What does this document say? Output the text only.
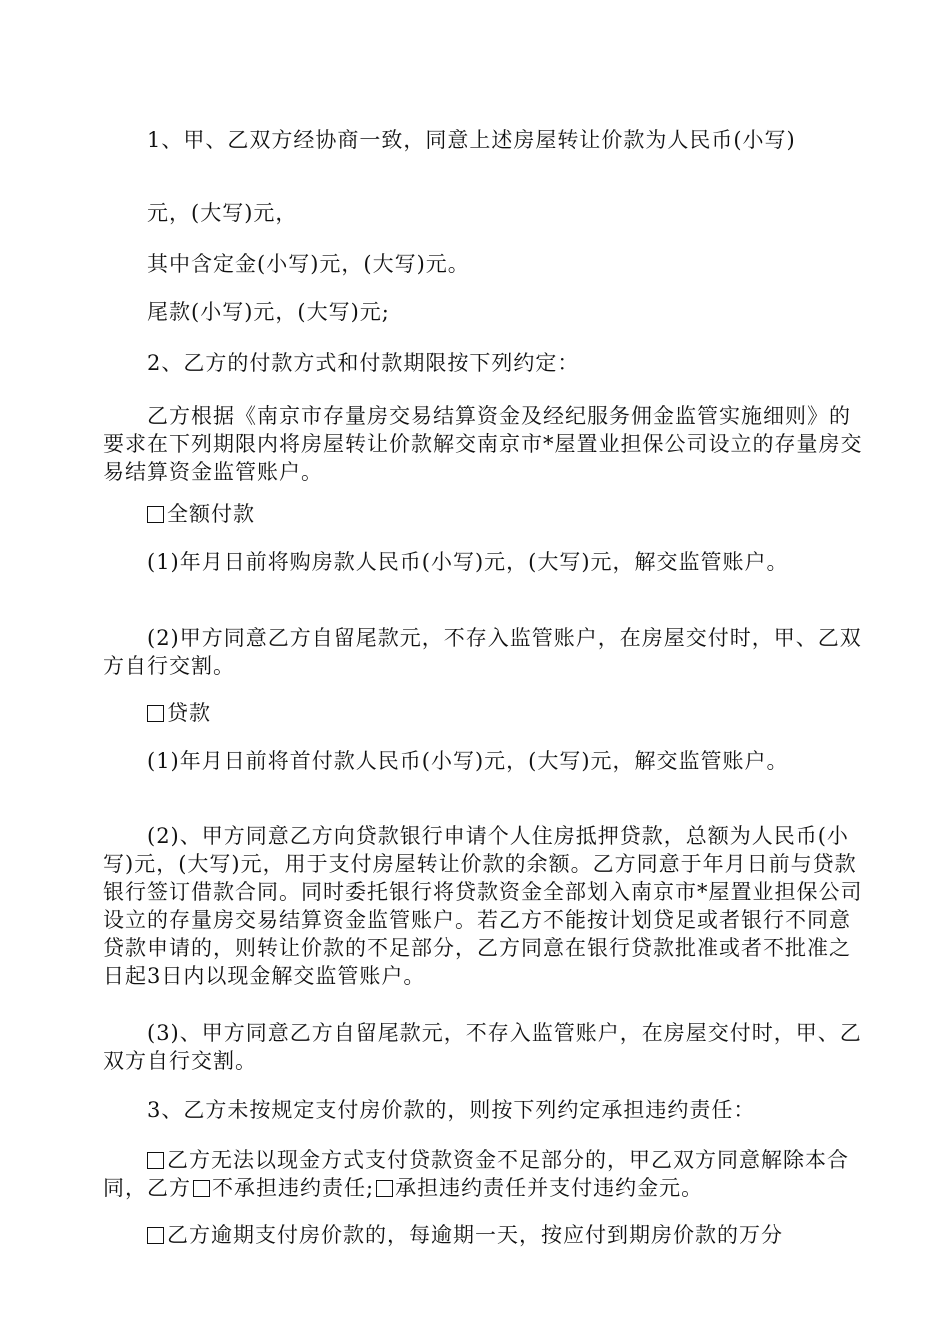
1、甲、乙双方经协商一致，同意上述房屋转让价款为人民币(小写)

元，(大写)元，

其中含定金(小写)元，(大写)元。

尾款(小写)元，(大写)元;

2、乙方的付款方式和付款期限按下列约定：

乙方根据《南京市存量房交易结算资金及经纪服务佣金监管实施细则》的要求在下列期限内将房屋转让价款解交南京市*屋置业担保公司设立的存量房交易结算资金监管账户。

全额付款

(1)年月日前将购房款人民币(小写)元，(大写)元，解交监管账户。

(2)甲方同意乙方自留尾款元，不存入监管账户，在房屋交付时，甲、乙双方自行交割。

贷款

(1)年月日前将首付款人民币(小写)元，(大写)元，解交监管账户。

(2)、甲方同意乙方向贷款银行申请个人住房抵押贷款，总额为人民币(小写)元，(大写)元，用于支付房屋转让价款的余额。乙方同意于年月日前与贷款银行签订借款合同。同时委托银行将贷款资金全部划入南京市*屋置业担保公司设立的存量房交易结算资金监管账户。若乙方不能按计划贷足或者银行不同意贷款申请的，则转让价款的不足部分，乙方同意在银行贷款批准或者不批准之日起3日内以现金解交监管账户。

(3)、甲方同意乙方自留尾款元，不存入监管账户，在房屋交付时，甲、乙双方自行交割。

3、乙方未按规定支付房价款的，则按下列约定承担违约责任：

乙方无法以现金方式支付贷款资金不足部分的，甲乙双方同意解除本合同，乙方 不承担违约责任; 承担违约责任并支付违约金元。

乙方逾期支付房价款的，每逾期一天，按应付到期房价款的万分
